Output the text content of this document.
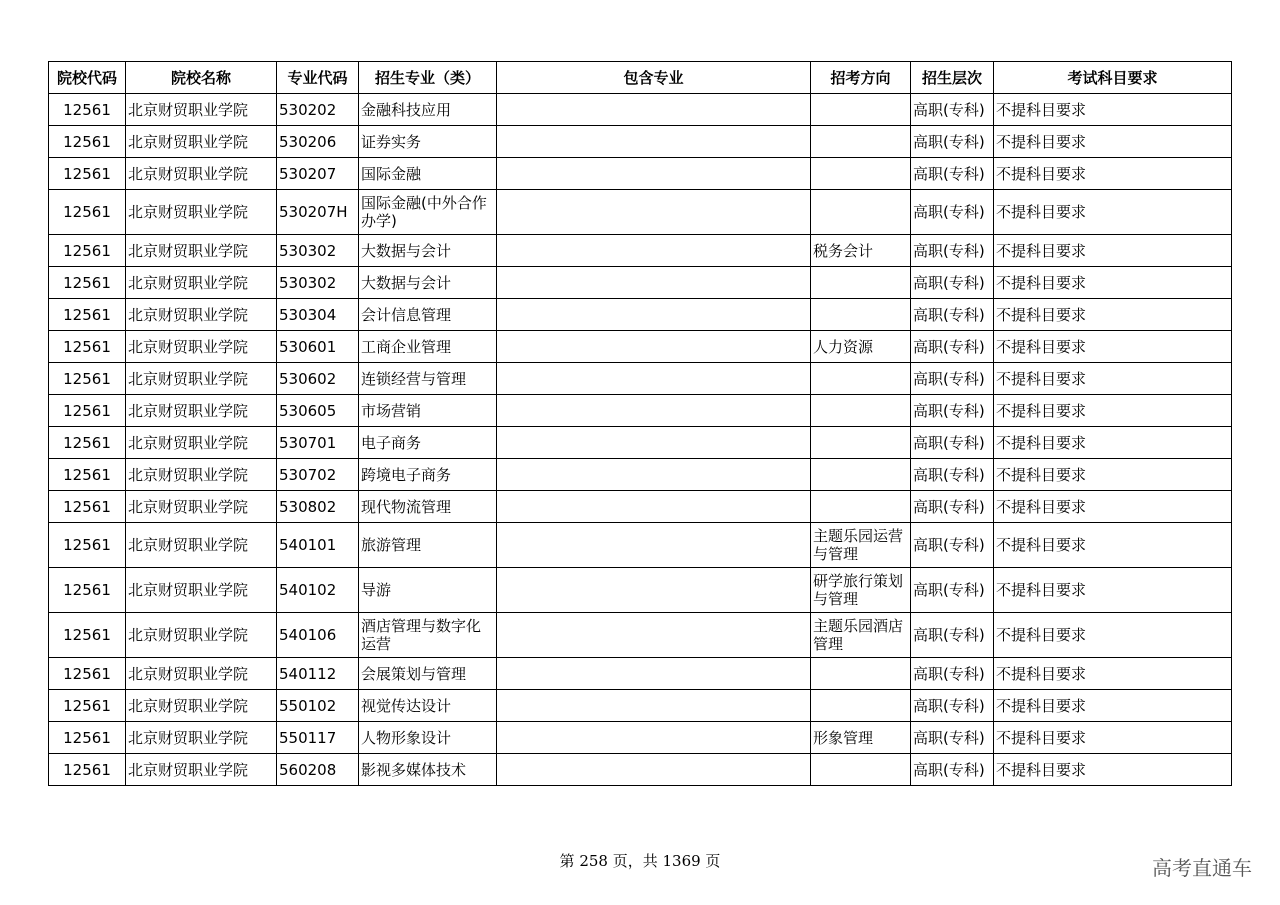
院校代码	院校名称	专业代码	招生专业（类）	包含专业	招考方向	招生层次	考试科目要求
12561	北京财贸职业学院	530202	金融科技应用			高职(专科)	不提科目要求
12561	北京财贸职业学院	530206	证券实务			高职(专科)	不提科目要求
12561	北京财贸职业学院	530207	国际金融			高职(专科)	不提科目要求
12561	北京财贸职业学院	530207H	国际金融(中外合作办学)			高职(专科)	不提科目要求
12561	北京财贸职业学院	530302	大数据与会计		税务会计	高职(专科)	不提科目要求
12561	北京财贸职业学院	530302	大数据与会计			高职(专科)	不提科目要求
12561	北京财贸职业学院	530304	会计信息管理			高职(专科)	不提科目要求
12561	北京财贸职业学院	530601	工商企业管理		人力资源	高职(专科)	不提科目要求
12561	北京财贸职业学院	530602	连锁经营与管理			高职(专科)	不提科目要求
12561	北京财贸职业学院	530605	市场营销			高职(专科)	不提科目要求
12561	北京财贸职业学院	530701	电子商务			高职(专科)	不提科目要求
12561	北京财贸职业学院	530702	跨境电子商务			高职(专科)	不提科目要求
12561	北京财贸职业学院	530802	现代物流管理			高职(专科)	不提科目要求
12561	北京财贸职业学院	540101	旅游管理		主题乐园运营与管理	高职(专科)	不提科目要求
12561	北京财贸职业学院	540102	导游		研学旅行策划与管理	高职(专科)	不提科目要求
12561	北京财贸职业学院	540106	酒店管理与数字化运营		主题乐园酒店管理	高职(专科)	不提科目要求
12561	北京财贸职业学院	540112	会展策划与管理			高职(专科)	不提科目要求
12561	北京财贸职业学院	550102	视觉传达设计			高职(专科)	不提科目要求
12561	北京财贸职业学院	550117	人物形象设计		形象管理	高职(专科)	不提科目要求
12561	北京财贸职业学院	560208	影视多媒体技术			高职(专科)	不提科目要求
第 258 页，共 1369 页	高考直通车
